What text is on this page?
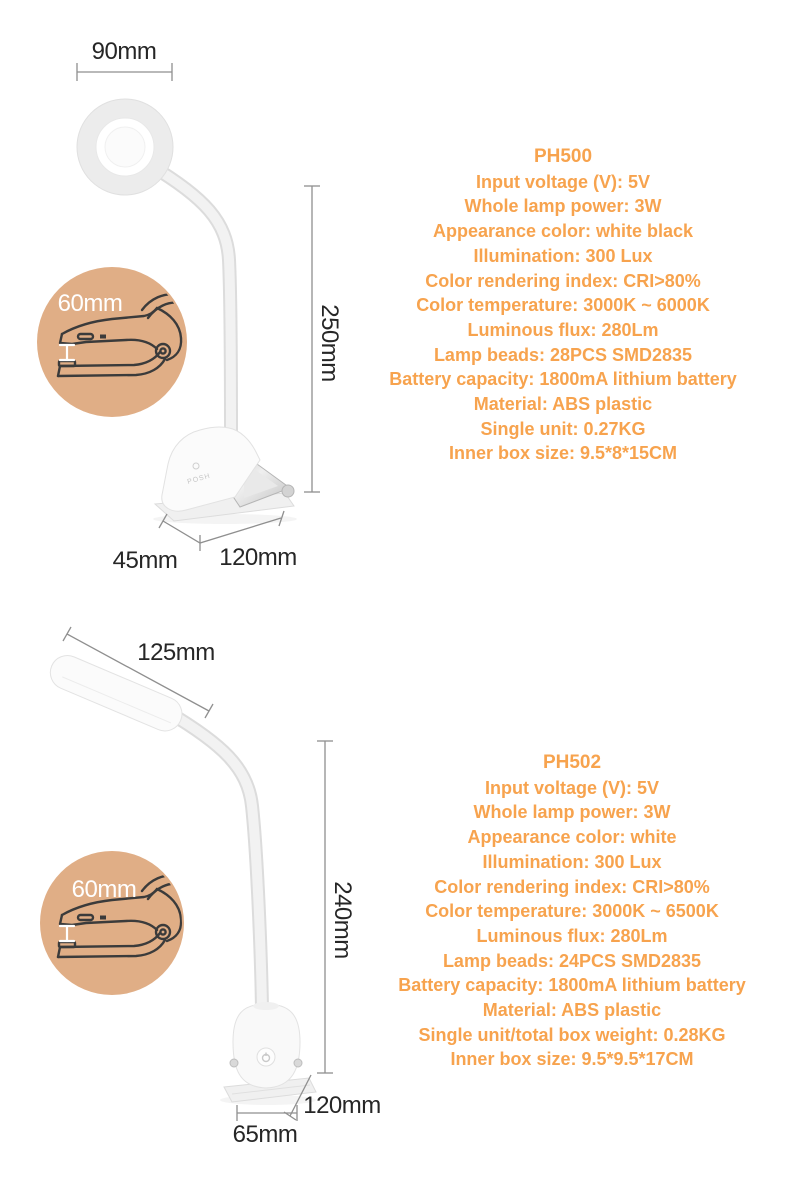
POSH
90mm
60mm
250mm
45mm 120mm
PH500
Input voltage (V): 5V
Whole lamp power: 3W
Appearance color: white black
Illumination: 300 Lux
Color rendering index: CRI>80%
Color temperature: 3000K ~ 6000K
Luminous flux: 280Lm
Lamp beads: 28PCS SMD2835
Battery capacity: 1800mA lithium battery
Material: ABS plastic
Single unit: 0.27KG
Inner box size: 9.5*8*15CM
125mm
60mm	240mm
120mm
65mm
PH502
Input voltage (V): 5V
Whole lamp power: 3W
Appearance color: white
Illumination: 300 Lux
Color rendering index: CRI>80%
Color temperature: 3000K ~ 6500K
Luminous flux: 280Lm
Lamp beads: 24PCS SMD2835
Battery capacity: 1800mA lithium battery
Material: ABS plastic
Single unit/total box weight: 0.28KG
Inner box size: 9.5*9.5*17CM
